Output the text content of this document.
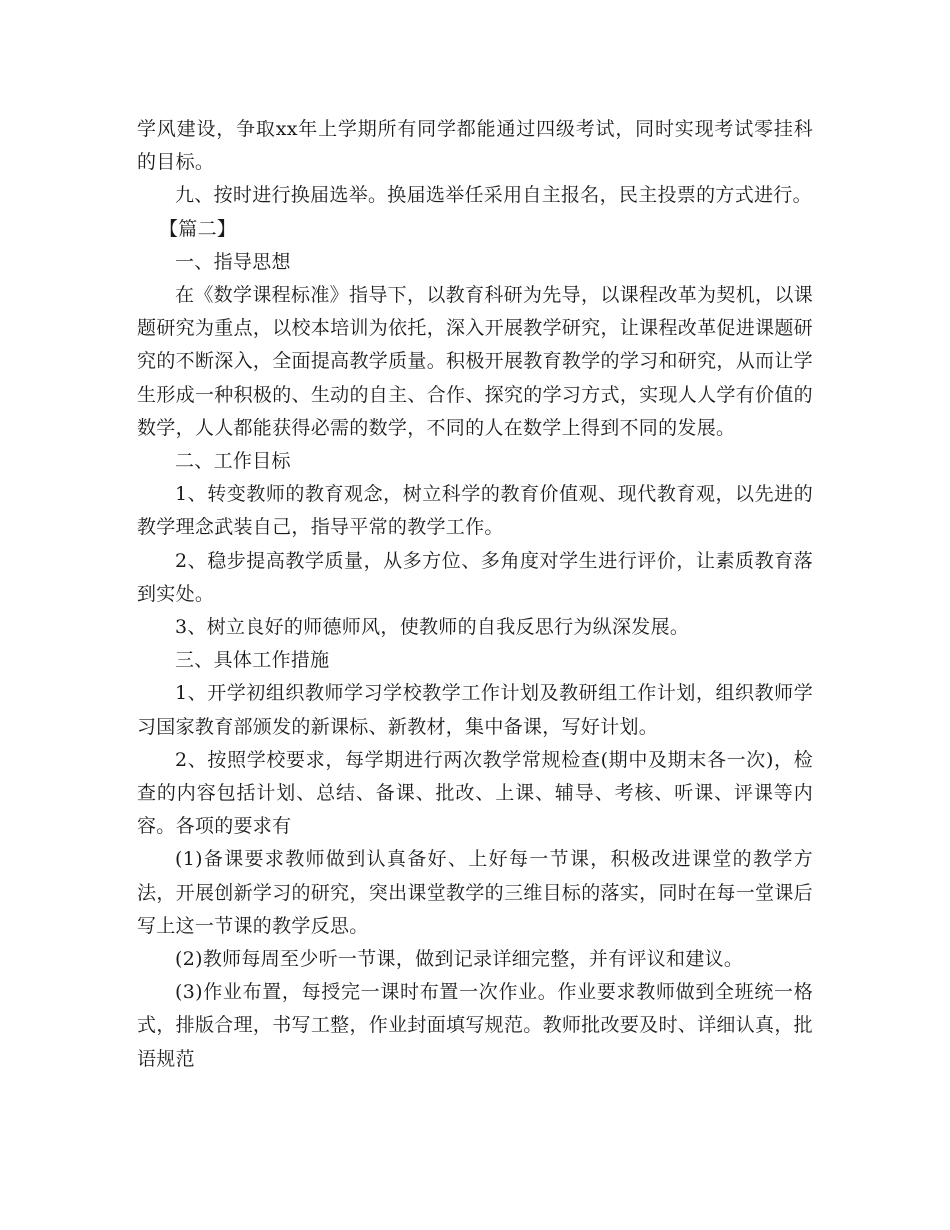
学风建设，争取xx年上学期所有同学都能通过四级考试，同时实现考试零挂科的目标。

九、按时进行换届选举。换届选举任采用自主报名，民主投票的方式进行。

【篇二】

一、指导思想

在《数学课程标准》指导下，以教育科研为先导，以课程改革为契机，以课题研究为重点，以校本培训为依托，深入开展教学研究，让课程改革促进课题研究的不断深入，全面提高教学质量。积极开展教育教学的学习和研究，从而让学生形成一种积极的、生动的自主、合作、探究的学习方式，实现人人学有价值的数学，人人都能获得必需的数学，不同的人在数学上得到不同的发展。

二、工作目标

1、转变教师的教育观念，树立科学的教育价值观、现代教育观，以先进的教学理念武装自己，指导平常的教学工作。

2、稳步提高教学质量，从多方位、多角度对学生进行评价，让素质教育落到实处。

3、树立良好的师德师风，使教师的自我反思行为纵深发展。

三、具体工作措施

1、开学初组织教师学习学校教学工作计划及教研组工作计划，组织教师学习国家教育部颁发的新课标、新教材，集中备课，写好计划。

2、按照学校要求，每学期进行两次教学常规检查(期中及期末各一次)，检查的内容包括计划、总结、备课、批改、上课、辅导、考核、听课、评课等内容。各项的要求有

(1)备课要求教师做到认真备好、上好每一节课，积极改进课堂的教学方法，开展创新学习的研究，突出课堂教学的三维目标的落实，同时在每一堂课后写上这一节课的教学反思。

(2)教师每周至少听一节课，做到记录详细完整，并有评议和建议。

(3)作业布置，每授完一课时布置一次作业。作业要求教师做到全班统一格式，排版合理，书写工整，作业封面填写规范。教师批改要及时、详细认真，批语规范
